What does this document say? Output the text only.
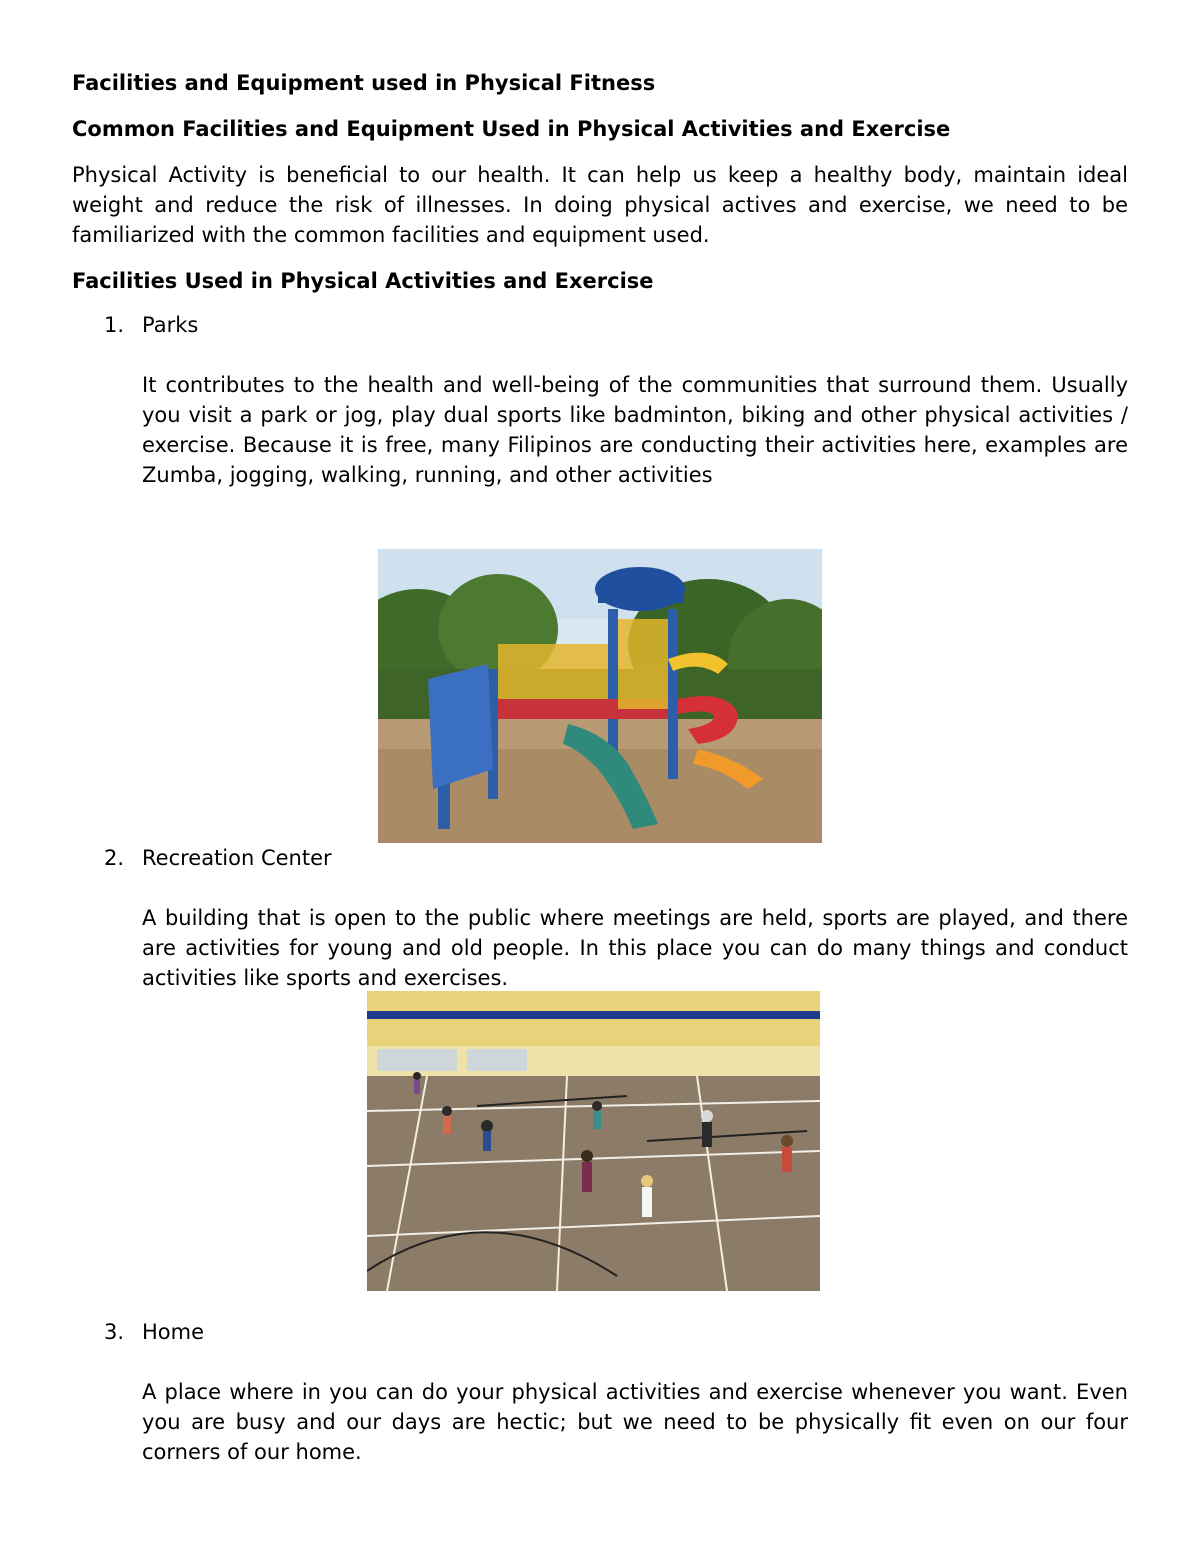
Facilities and Equipment used in Physical Fitness
Common Facilities and Equipment Used in Physical Activities and Exercise
Physical Activity is beneficial to our health. It can help us keep a healthy body, maintain ideal weight and reduce the risk of illnesses. In doing physical actives and exercise, we need to be familiarized with the common facilities and equipment used.
Facilities Used in Physical Activities and Exercise
1. Parks
It contributes to the health and well-being of the communities that surround them. Usually you visit a park or jog, play dual sports like badminton, biking and other physical activities / exercise. Because it is free, many Filipinos are conducting their activities here, examples are Zumba, jogging, walking, running, and other activities
2. Recreation Center
A building that is open to the public where meetings are held, sports are played, and there are activities for young and old people. In this place you can do many things and conduct activities like sports and exercises.
3. Home
A place where in you can do your physical activities and exercise whenever you want. Even you are busy and our days are hectic; but we need to be physically fit even on our four corners of our home.
